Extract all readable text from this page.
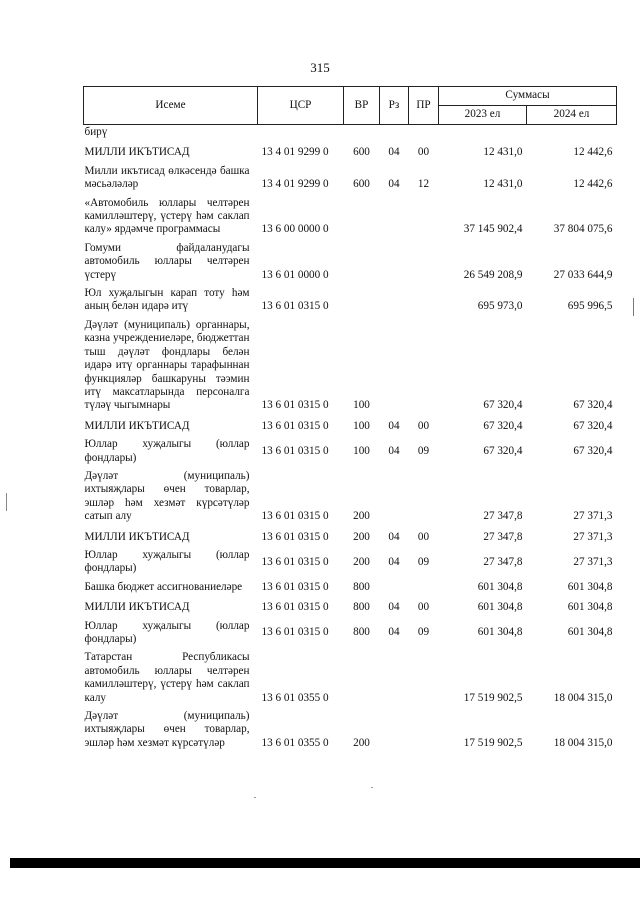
315
Исеме	ЦСР	ВР	Рз	ПР	Суммасы	
					2023 ел	2024 ел
бирү						
МИЛЛИ ИКЪТИСАД	13 4 01 9299 0	600	04	00	12 431,0	12 442,6
Милли икътисад өлкәсендә башка мәсьәләләр	13 4 01 9299 0	600	04	12	12 431,0	12 442,6
«Автомобиль юллары челтәрен камилләштерү, үстерү һәм саклап калу» ярдәмче программасы	13 6 00 0000 0				37 145 902,4	37 804 075,6
Гомуми файдаланудагы автомобиль юллары челтәрен үстерү	13 6 01 0000 0				26 549 208,9	27 033 644,9
Юл хуҗалыгын карап тоту һәм аның белән идарә итү	13 6 01 0315 0				695 973,0	695 996,5
Дәүләт (муниципаль) органнары, казна учреждениеләре, бюджеттан тыш дәүләт фондлары белән идарә итү органнары тарафыннан функцияләр башкаруны тәэмин итү максатларында персоналга түләү чыгымнары	13 6 01 0315 0	100			67 320,4	67 320,4
МИЛЛИ ИКЪТИСАД	13 6 01 0315 0	100	04	00	67 320,4	67 320,4
Юллар хуҗалыгы (юллар фондлары)	13 6 01 0315 0	100	04	09	67 320,4	67 320,4
Дәүләт (муниципаль) ихтыяҗлары өчен товарлар, эшләр һәм хезмәт күрсәтүләр сатып алу	13 6 01 0315 0	200			27 347,8	27 371,3
МИЛЛИ ИКЪТИСАД	13 6 01 0315 0	200	04	00	27 347,8	27 371,3
Юллар хуҗалыгы (юллар фондлары)	13 6 01 0315 0	200	04	09	27 347,8	27 371,3
Башка бюджет ассигнованиеләре	13 6 01 0315 0	800			601 304,8	601 304,8
МИЛЛИ ИКЪТИСАД	13 6 01 0315 0	800	04	00	601 304,8	601 304,8
Юллар хуҗалыгы (юллар фондлары)	13 6 01 0315 0	800	04	09	601 304,8	601 304,8
Татарстан Республикасы автомобиль юллары челтәрен камилләштерү, үстерү һәм саклап калу	13 6 01 0355 0				17 519 902,5	18 004 315,0
Дәүләт (муниципаль) ихтыяҗлары өчен товарлар, эшләр һәм хезмәт күрсәтүләр	13 6 01 0355 0	200			17 519 902,5	18 004 315,0
